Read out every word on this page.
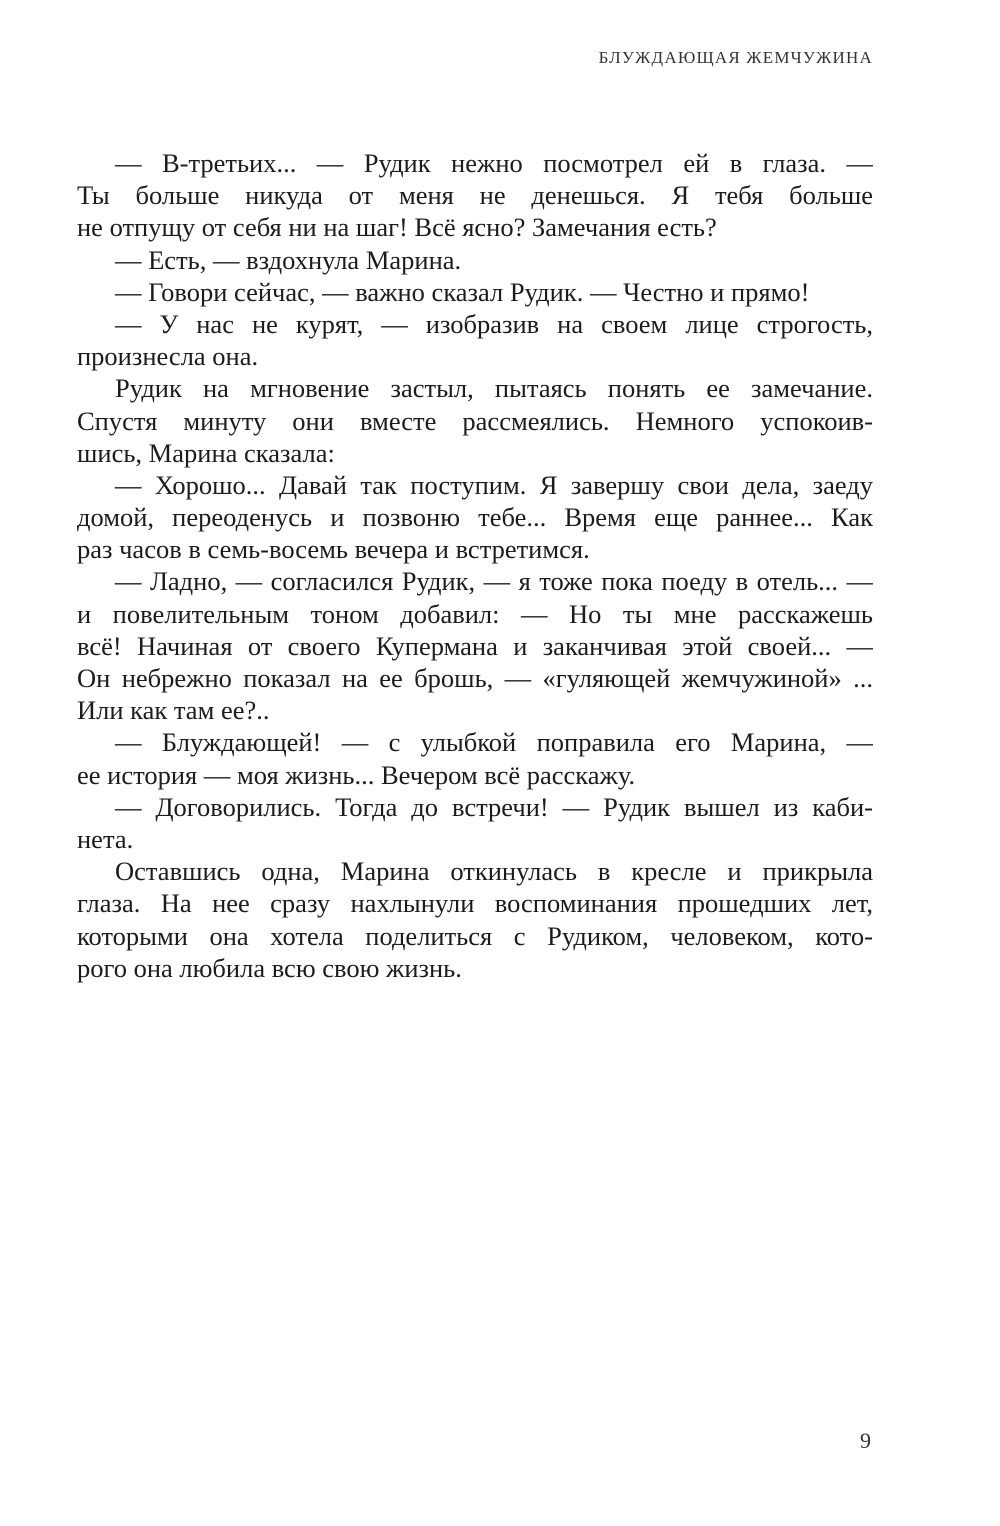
БЛУЖДАЮЩАЯ ЖЕМЧУЖИНА
— В-третьих... — Рудик нежно посмотрел ей в глаза. —
Ты больше никуда от меня не денешься. Я тебя больше
не отпущу от себя ни на шаг! Всё ясно? Замечания есть?
— Есть, — вздохнула Марина.
— Говори сейчас, — важно сказал Рудик. — Честно и прямо!
— У нас не курят, — изобразив на своем лице строгость,
произнесла она.
Рудик на мгновение застыл, пытаясь понять ее замечание.
Спустя минуту они вместе рассмеялись. Немного успокоив-
шись, Марина сказала:
— Хорошо... Давай так поступим. Я завершу свои дела, заеду
домой, переоденусь и позвоню тебе... Время еще раннее... Как
раз часов в семь-восемь вечера и встретимся.
— Ладно, — согласился Рудик, — я тоже пока поеду в отель... —
и повелительным тоном добавил: — Но ты мне расскажешь
всё! Начиная от своего Купермана и заканчивая этой своей... —
Он небрежно показал на ее брошь, — «гуляющей жемчужиной» ...
Или как там ее?..
— Блуждающей! — с улыбкой поправила его Марина, —
ее история — моя жизнь... Вечером всё расскажу.
— Договорились. Тогда до встречи! — Рудик вышел из каби-
нета.
Оставшись одна, Марина откинулась в кресле и прикрыла
глаза. На нее сразу нахлынули воспоминания прошедших лет,
которыми она хотела поделиться с Рудиком, человеком, кото-
рого она любила всю свою жизнь.
9
